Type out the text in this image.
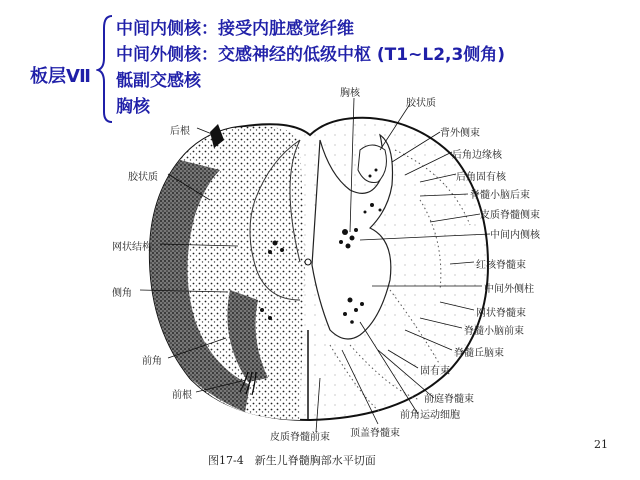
板层Ⅶ
中间内侧核：接受内脏感觉纤维
中间外侧核：交感神经的低级中枢 (T1~L2,3侧角)
骶副交感核
胸核
后根
胶状质
网状结构
侧角
前角
前根
胸核
胶状质
背外侧束
后角边缘核
后角固有核
脊髓小脑后束
皮质脊髓侧束
中间内侧核
红核脊髓束
中间外侧柱
网状脊髓束
脊髓小脑前束
脊髓丘脑束
固有束
前庭脊髓束
前角运动细胞
顶盖脊髓束
皮质脊髓前束
图17-4　新生儿脊髓胸部水平切面
21
